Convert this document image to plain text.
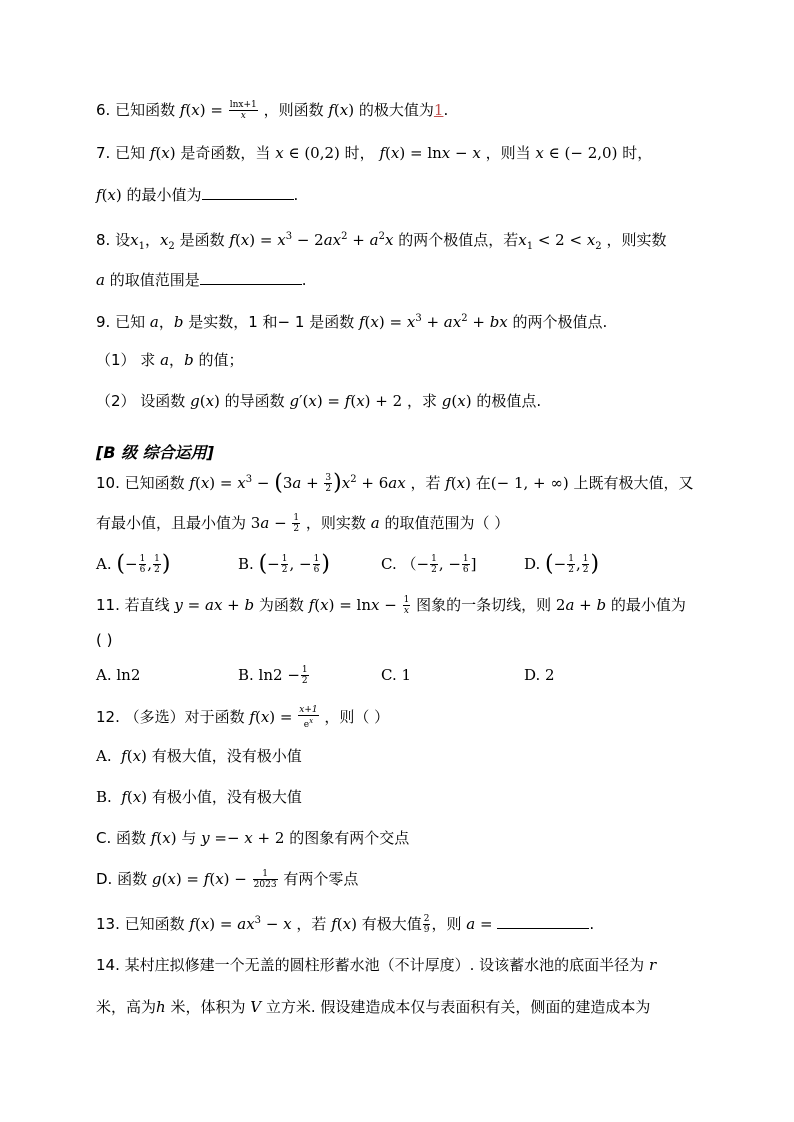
6. 已知函数 $f(x) = \frac{\ln x+1}{x}$ ，则函数 f(x) 的极大值为1.
7. 已知 f(x) 是奇函数，当 x ∈ (0,2) 时， f(x) = lnx − x ，则当 x ∈ (− 2,0) 时，
f(x) 的最小值为	.
8. 设$x_1$，$x_2$ 是函数 $f(x) = x^3 - 2ax^2 + a^2x$ 的两个极值点，若$x_1 < 2 < x_2$ ，则实数
a 的取值范围是	.
9. 已知 a，b 是实数，1 和− 1 是函数 $f(x) = x^3 + ax^2$ + bx 的两个极值点.
（1） 求 a，b 的值；
（2） 设函数 g(x) 的导函数 g′(x) = f(x) + 2 ，求 g(x) 的极值点.
[B 级 综合运用]
10. 已知函数 $f(x) = x^3 - (3a + \frac{3}{2} )x^2 + 6ax$ ，若 f(x) 在(− 1, + ∞) 上既有极大值，又
有最小值，且最小值为 $3a - \frac{1}{2}$ ，则实数 a 的取值范围为（ ）
A. (− $\frac{1}{6}$ , $\frac{1}{2}$ )	B. (− $\frac{1}{2}$ , − $\frac{1}{6}$ )	C. （− $\frac{1}{2}$ , − $\frac{1}{6}$ ]	D. (− $\frac{1}{2}$ , $\frac{1}{2}$ )
11. 若直线 y = ax + b 为函数 $f(x) = \ln x - \frac{1}{x}$ 图象的一条切线，则 2a + b 的最小值为
( )
A. ln2	B. $\ln 2 - \frac{1}{2}$	C. 1	D. 2
12. （多选）对于函数 $f(x) = \frac{x+1}{e^x}$ ，则（ ）
A. f(x) 有极大值，没有极小值
B. f(x) 有极小值，没有极大值
C. 函数 f(x) 与 y =− x + 2 的图象有两个交点
D. 函数 $g(x) = f(x) - \frac{1}{2023}$ 有两个零点
13. 已知函数 $f(x) = ax^3 - x$ ，若 f(x) 有极大值 $\frac{2}{9}$ ，则 a =	.
14. 某村庄拟修建一个无盖的圆柱形蓄水池（不计厚度）. 设该蓄水池的底面半径为 r
米，高为h 米，体积为 V 立方米. 假设建造成本仅与表面积有关，侧面的建造成本为
